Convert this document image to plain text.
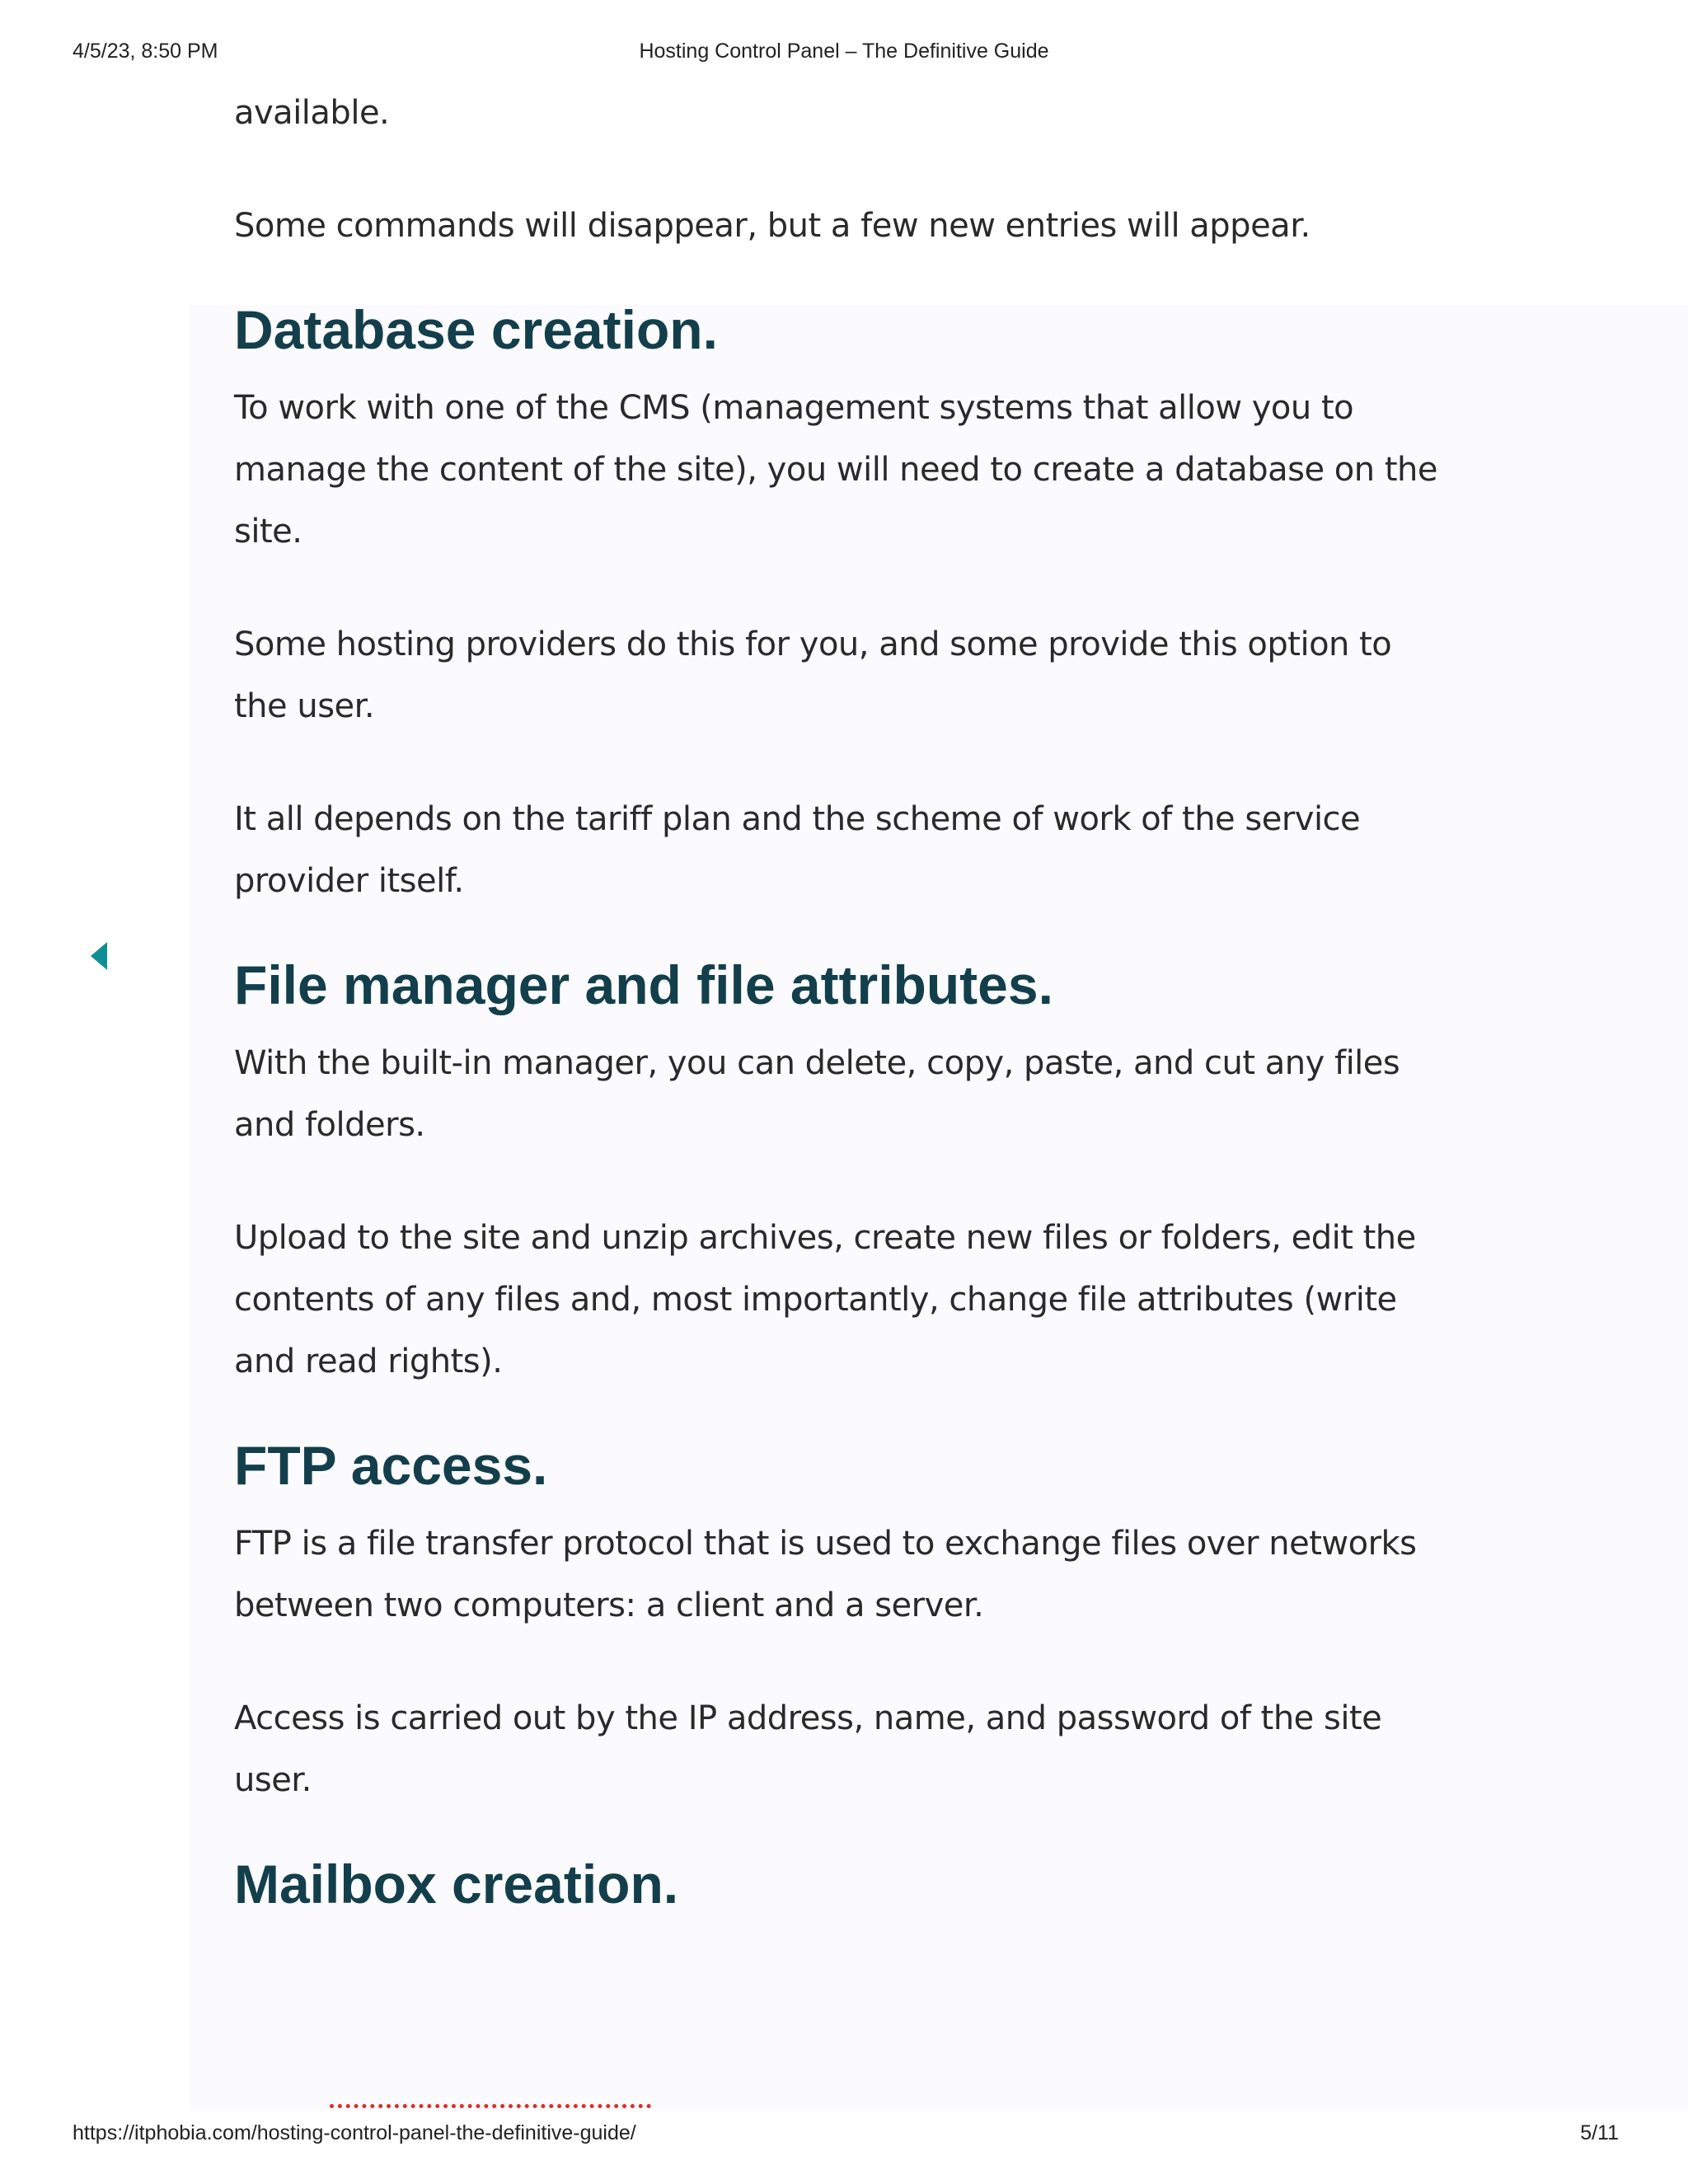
4/5/23, 8:50 PM	Hosting Control Panel – The Definitive Guide

available.

Some commands will disappear, but a few new entries will appear.

Database creation.

To work with one of the CMS (management systems that allow you to manage the content of the site), you will need to create a database on the site.

Some hosting providers do this for you, and some provide this option to the user.

It all depends on the tariff plan and the scheme of work of the service provider itself.

File manager and file attributes.

With the built-in manager, you can delete, copy, paste, and cut any files and folders.

Upload to the site and unzip archives, create new files or folders, edit the contents of any files and, most importantly, change file attributes (write and read rights).

FTP access.

FTP is a file transfer protocol that is used to exchange files over networks between two computers: a client and a server.

Access is carried out by the IP address, name, and password of the site user.

Mailbox creation.
https://itphobia.com/hosting-control-panel-the-definitive-guide/	5/11
